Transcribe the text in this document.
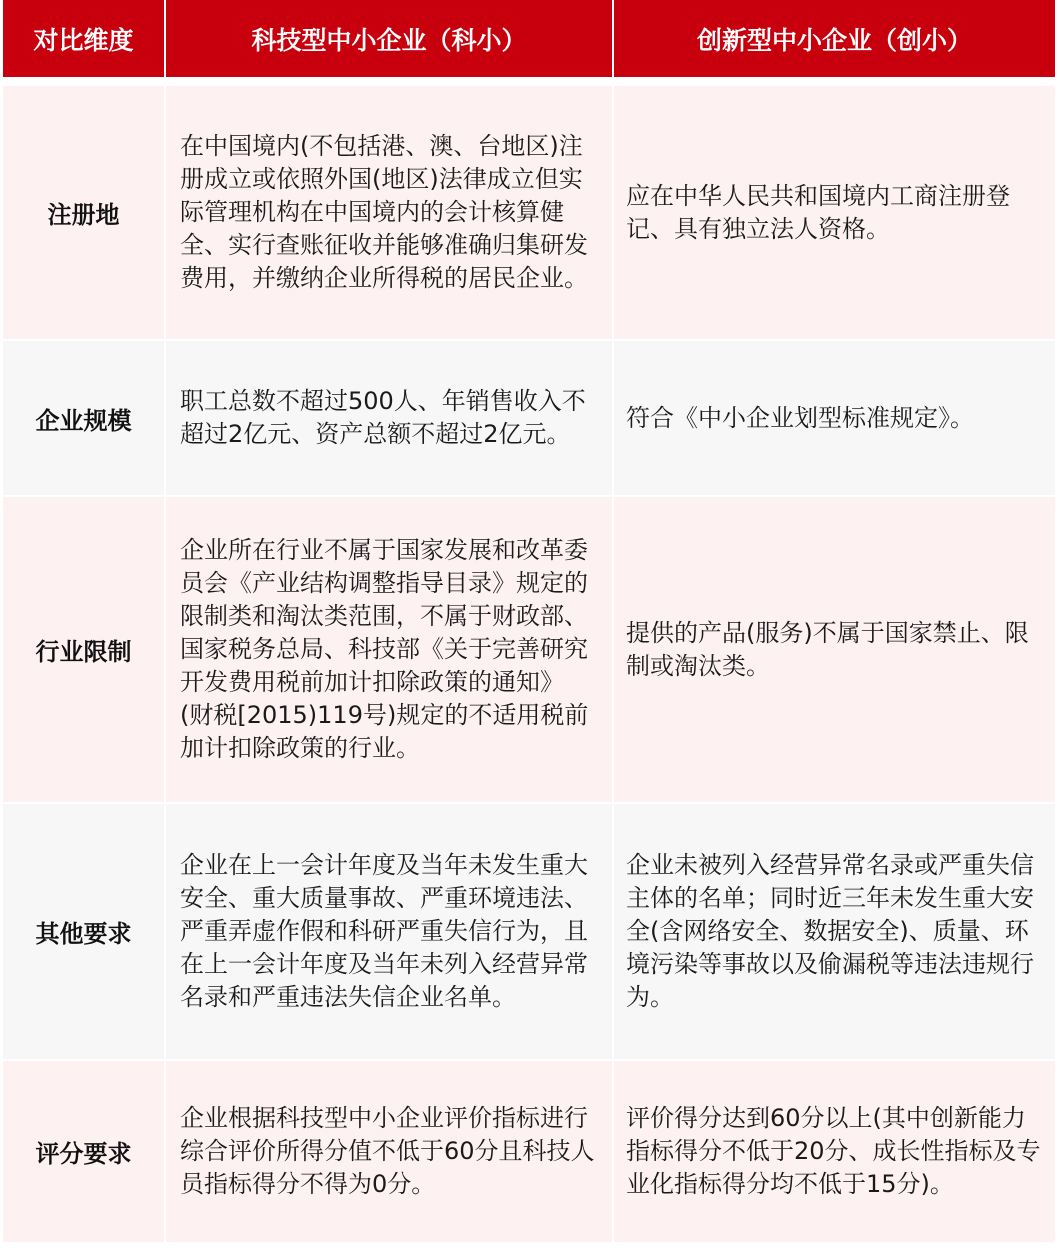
对比维度	科技型中小企业（科小）	创新型中小企业（创小）
注册地
在中国境内(不包括港、澳、台地区)注册成立或依照外国(地区)法律成立但实际管理机构在中国境内的会计核算健全、实行查账征收并能够准确归集研发费用，并缴纳企业所得税的居民企业。
应在中华人民共和国境内工商注册登记、具有独立法人资格。
企业规模
职工总数不超过500人、年销售收入不超过2亿元、资产总额不超过2亿元。
符合《中小企业划型标准规定》。
行业限制
企业所在行业不属于国家发展和改革委员会《产业结构调整指导目录》规定的限制类和淘汰类范围，不属于财政部、国家税务总局、科技部《关于完善研究开发费用税前加计扣除政策的通知》(财税[2015)119号)规定的不适用税前加计扣除政策的行业。
提供的产品(服务)不属于国家禁止、限制或淘汰类。
其他要求
企业在上一会计年度及当年未发生重大安全、重大质量事故、严重环境违法、严重弄虚作假和科研严重失信行为，且在上一会计年度及当年未列入经营异常名录和严重违法失信企业名单。
企业未被列入经营异常名录或严重失信主体的名单；同时近三年未发生重大安全(含网络安全、数据安全)、质量、环境污染等事故以及偷漏税等违法违规行为。
评分要求
企业根据科技型中小企业评价指标进行综合评价所得分值不低于60分且科技人员指标得分不得为0分。
评价得分达到60分以上(其中创新能力指标得分不低于20分、成长性指标及专业化指标得分均不低于15分)。
